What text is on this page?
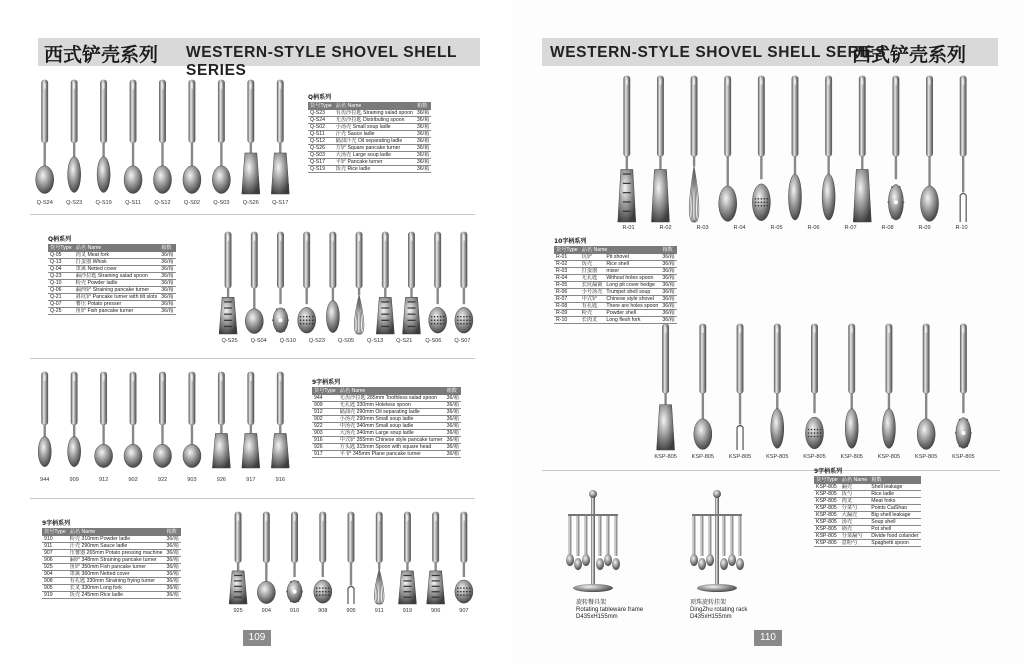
西式铲壳系列 WESTERN-STYLE SHOVEL SHELL SERIES
Q-S24 Q-S23 Q-S19 Q-S11 Q-S12 Q-S02 Q-S03 Q-S26 Q-S17
Q柄系列
货号Type	品名 Name	箱数
Q-S23	有齿沙拉匙 Straining salad spoon	36/箱
Q-S24	无齿沙拉匙 Distributing spoon	36/箱
Q-S02	小汤壳 Small soup ladle	36/箱
Q-S11	汁壳 Sauce ladle	36/箱
Q-S12	隔油汁壳 Oil separating ladle	36/箱
Q-S26	方铲 Square pancake turner	36/箱
Q-S03	大汤壳 Large soup ladle	36/箱
Q-S17	平铲 Pancake turner	36/箱
Q-S19	饭壳 Rice ladle	36/箱
Q柄系列
货号Type	品名 Name	箱数
Q-05	肉叉 Meat fork	36/箱
Q-13	打蛋器 Whisk	36/箱
Q-04	罩篱 Netted cover	36/箱
Q-23	漏沙拉匙 Straining salad spoon	36/箱
Q-10	粉壳 Powder ladle	36/箱
Q-06	漏西铲 Straining pancake turner	36/箱
Q-21	斜坑铲 Pancake turner with tilt slots	36/箱
Q-07	薯压 Potato presser	36/箱
Q-25	鱼铲 Fish pancake turner	36/箱
Q-S25 Q-S04 Q-S10 Q-S23 Q-S05 Q-S13 Q-S21 Q-S06 Q-S07
944	909	912	902	922	903	926	917	916
9字柄系列
货号Type	品名 Name	箱数
944	无齿沙拉匙 285mm Toothless salad spoon	36/箱
909	无孔匙 330mm Holeless spoon	36/箱
912	隔油壳 290mm Oil separating ladle	36/箱
902	小汤壳 290mm Small soup ladle	36/箱
922	中汤壳 340mm Small soup ladle	36/箱
903	大汤壳 340mm Large soup ladle	36/箱
916	中式铲 355mm Chinese style pancake turner	36/箱
926	方头匙 315mm Spoon with square head	36/箱
917	平 铲 345mm Plane pancake turner	36/箱
9字柄系列
货号Type	品名 Name	箱数
910	粉壳 310mm Powder ladle	36/箱
911	汁壳 290mm Sauce ladle	36/箱
907	压薯器 265mm Potato pressing machine	36/箱
906	漏铲 348mm Straining pancake turner	36/箱
925	鱼铲 350mm Fish pancake turner	36/箱
904	罩篱 360mm Netted cover	36/箱
908	有孔匙 330mm Straining frying turner	36/箱
905	长叉 330mm Long fork	36/箱
919	饭壳 245mm Rice ladle	36/箱
925	904	910	908	905	911	919	906	907
109
WESTERN-STYLE SHOVEL SHELL SERIES
西式铲壳系列
R-01	R-02	R-03	R-04	R-05	R-06	R-07	R-08	R-09	R-10
10字柄系列
货号Type	品名 Name		箱数
R-01	坑铲	Pit shovel	36/箱
R-02	饭壳	Rice shell	36/箱
R-03	打蛋器	mixer	36/箱
R-04	无孔匙	Without holes spoon	36/箱
R-05	长坑漏篱	Long pit cover hedge	36/箱
R-06	小号汤壳	Trumpet shell soup	36/箱
R-07	中式铲	Chinese style shovel	36/箱
R-08	有孔匙	There are holes spoon	36/箱
R-09	粉壳	Powder shell	36/箱
R-10	长肉叉	Long flesh fork	36/箱
KSP-805	KSP-805	KSP-805	KSP-805	KSP-805	KSP-805	KSP-805	KSP-805	KSP-805
9字柄系列
货号Type	品名 Name	箱数
KSP-805	漏壳	Shell leakage
KSP-805	饭勺	Rice ladle
KSP-805	肉叉	Meat forks
KSP-805	分菜勺	Points CaiShao
KSP-805	大漏壳	Big shell leakage
KSP-805	汤壳	Soup shell
KSP-805	锅壳	Pot shell
KSP-805	分菜漏勺	Divide food colander
KSP-805	意粉勺	Spaghetti spoon
旋转餐具架
Rotating tableware frame
D435xH155mm
顶珠旋转挂架
DingZhu rotating rack
D435xH155mm
110
